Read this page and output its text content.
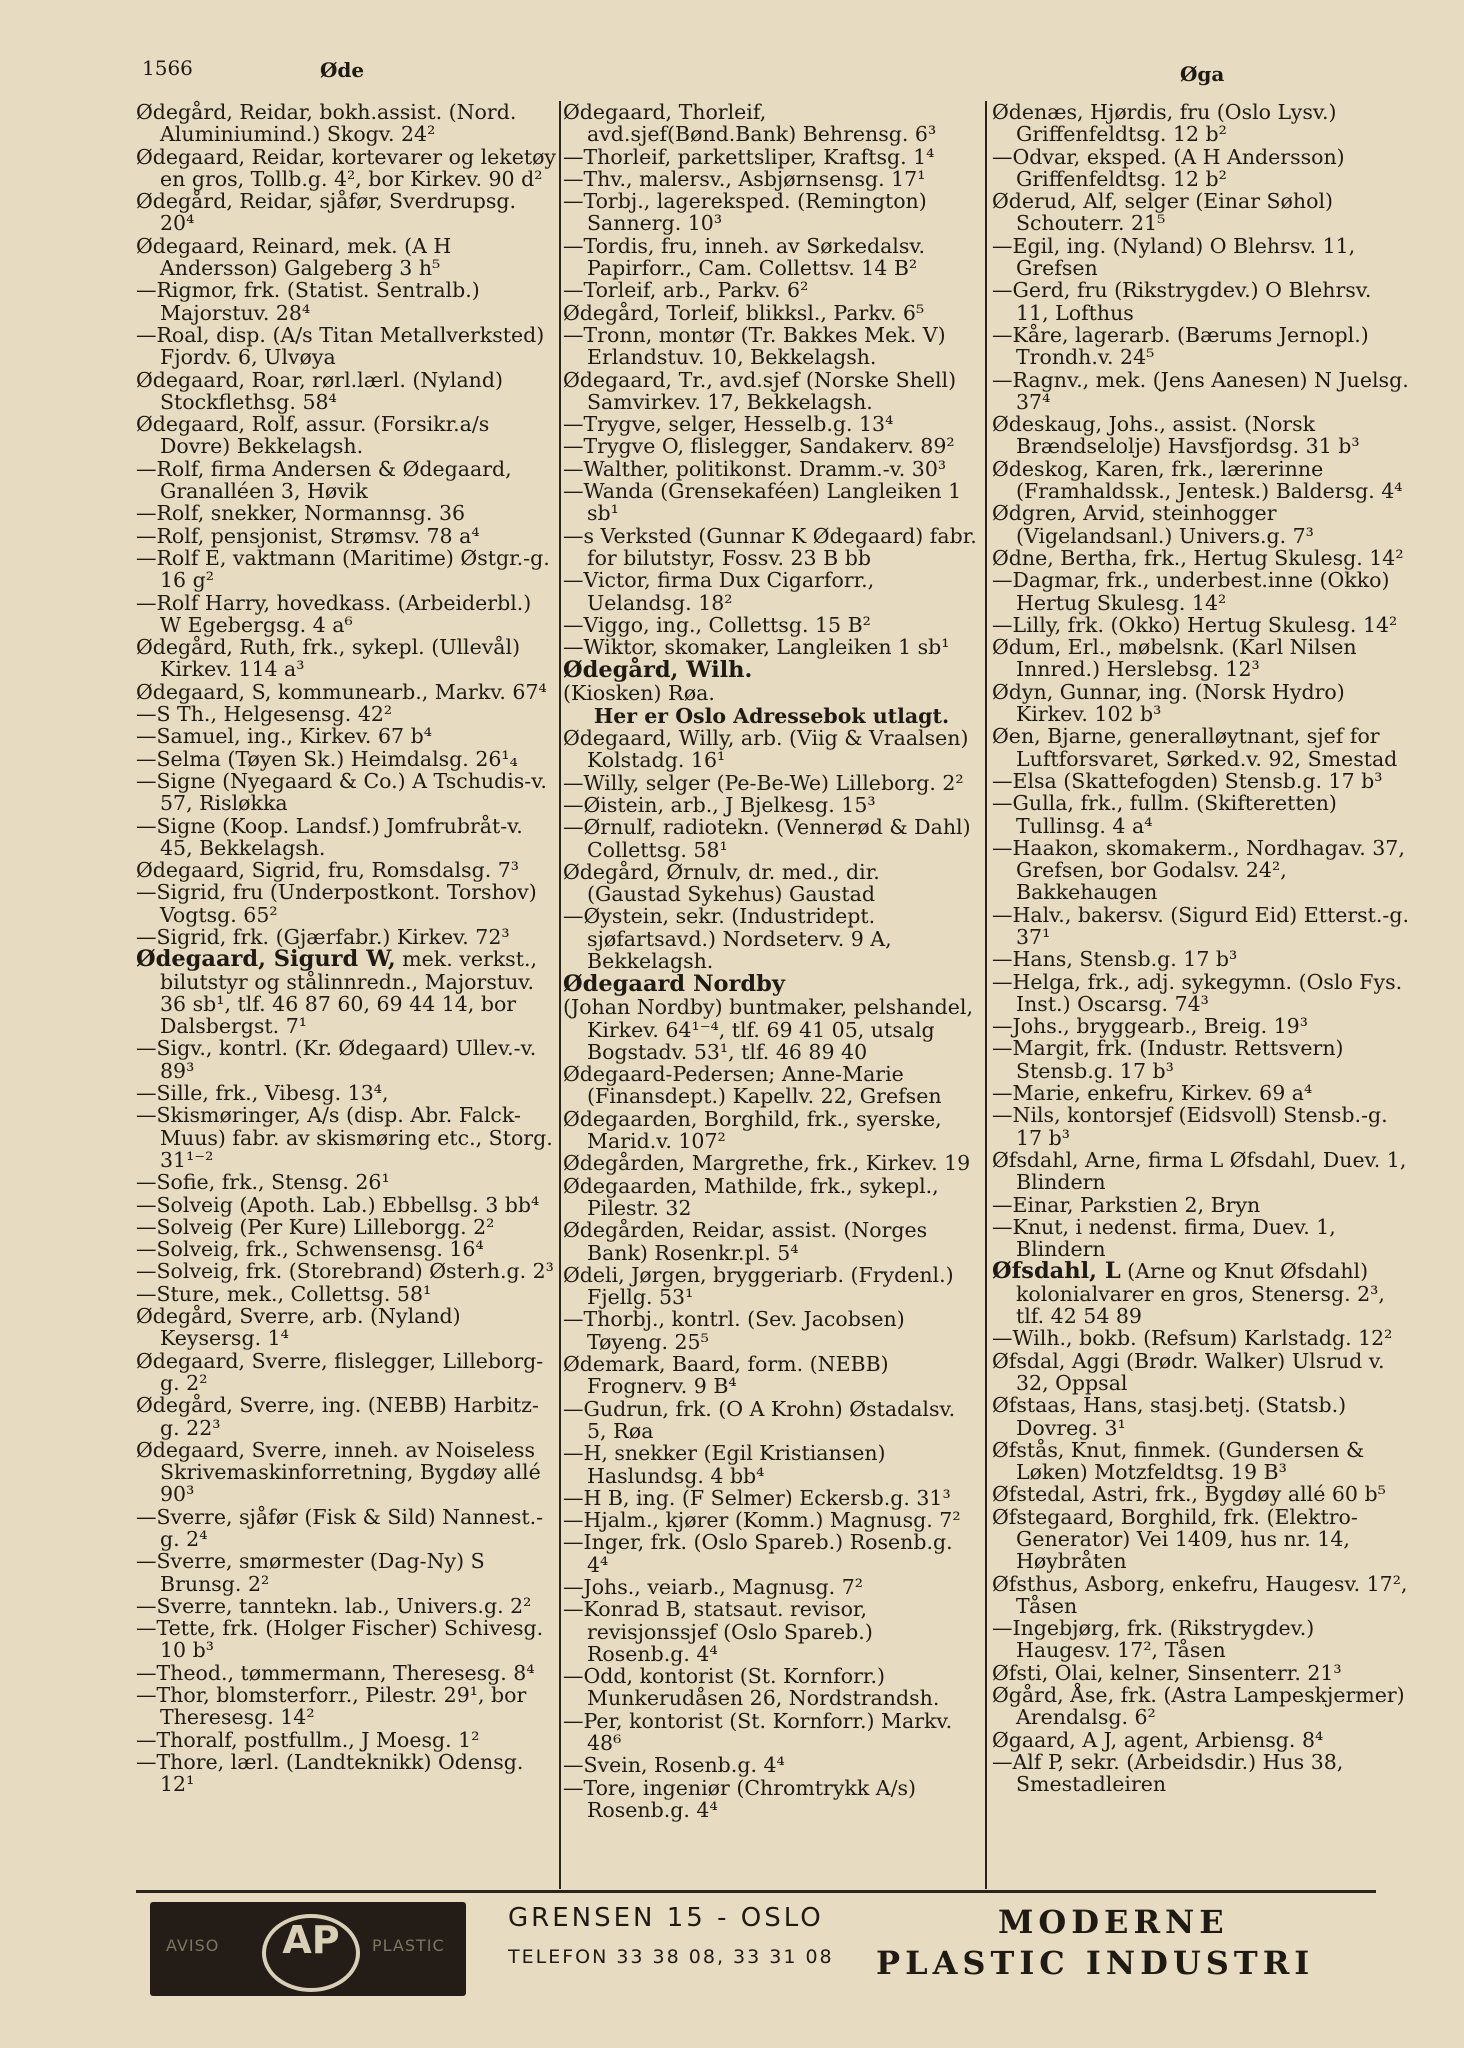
1566	Øde	Øga

Ødegård, Reidar, bokh.assist. (Nord. Aluminiumind.) Skogv. 24²

Ødegaard, Reidar, kortevarer og leketøy en gros, Tollb.g. 4², bor Kirkev. 90 d²

Ødegård, Reidar, sjåfør, Sverdrupsg. 20⁴

Ødegaard, Reinard, mek. (A H Andersson) Galgeberg 3 h⁵

—Rigmor, frk. (Statist. Sentralb.) Majorstuv. 28⁴

—Roal, disp. (A/s Titan Metallverksted) Fjordv. 6, Ulvøya

Ødegaard, Roar, rørl.lærl. (Nyland) Stockflethsg. 58⁴

Ødegaard, Rolf, assur. (Forsikr.a/s Dovre) Bekkelagsh.

—Rolf, firma Andersen & Ødegaard, Granalléen 3, Høvik

—Rolf, snekker, Normannsg. 36

—Rolf, pensjonist, Strømsv. 78 a⁴

—Rolf E, vaktmann (Maritime) Østgr.-g. 16 g²

—Rolf Harry, hovedkass. (Arbeiderbl.) W Egebergsg. 4 a⁶

Ødegård, Ruth, frk., sykepl. (Ullevål) Kirkev. 114 a³

Ødegaard, S, kommunearb., Markv. 67⁴

—S Th., Helgesensg. 42²

—Samuel, ing., Kirkev. 67 b⁴

—Selma (Tøyen Sk.) Heimdalsg. 26¹₄

—Signe (Nyegaard & Co.) A Tschudis-v. 57, Risløkka

—Signe (Koop. Landsf.) Jomfrubråt-v. 45, Bekkelagsh.

Ødegaard, Sigrid, fru, Romsdalsg. 7³

—Sigrid, fru (Underpostkont. Torshov) Vogtsg. 65²

—Sigrid, frk. (Gjærfabr.) Kirkev. 72³

Ødegaard, Sigurd W, mek. verkst., bilutstyr og stålinnredn., Majorstuv. 36 sb¹, tlf. 46 87 60, 69 44 14, bor Dalsbergst. 7¹

—Sigv., kontrl. (Kr. Ødegaard) Ullev.-v. 89³

—Sille, frk., Vibesg. 13⁴,

—Skismøringer, A/s (disp. Abr. Falck-Muus) fabr. av skismøring etc., Storg. 31¹⁻²

—Sofie, frk., Stensg. 26¹

—Solveig (Apoth. Lab.) Ebbellsg. 3 bb⁴

—Solveig (Per Kure) Lilleborgg. 2²

—Solveig, frk., Schwensensg. 16⁴

—Solveig, frk. (Storebrand) Østerh.g. 2³

—Sture, mek., Collettsg. 58¹

Ødegård, Sverre, arb. (Nyland) Keysersg. 1⁴

Ødegaard, Sverre, flislegger, Lilleborg-g. 2²

Ødegård, Sverre, ing. (NEBB) Harbitz-g. 22³

Ødegaard, Sverre, inneh. av Noiseless Skrivemaskinforretning, Bygdøy allé 90³

—Sverre, sjåfør (Fisk & Sild) Nannest.-g. 2⁴

—Sverre, smørmester (Dag-Ny) S Brunsg. 2²

—Sverre, tanntekn. lab., Univers.g. 2²

—Tette, frk. (Holger Fischer) Schivesg. 10 b³

—Theod., tømmermann, Theresesg. 8⁴

—Thor, blomsterforr., Pilestr. 29¹, bor Theresesg. 14²

—Thoralf, postfullm., J Moesg. 1²

—Thore, lærl. (Landteknikk) Odensg. 12¹

Ødegaard, Thorleif, avd.sjef(Bønd.Bank) Behrensg. 6³

—Thorleif, parkettsliper, Kraftsg. 1⁴

—Thv., malersv., Asbjørnsensg. 17¹

—Torbj., lagereksped. (Remington) Sannerg. 10³

—Tordis, fru, inneh. av Sørkedalsv. Papirforr., Cam. Collettsv. 14 B²

—Torleif, arb., Parkv. 6²

Ødegård, Torleif, blikksl., Parkv. 6⁵

—Tronn, montør (Tr. Bakkes Mek. V) Erlandstuv. 10, Bekkelagsh.

Ødegaard, Tr., avd.sjef (Norske Shell) Samvirkev. 17, Bekkelagsh.

—Trygve, selger, Hesselb.g. 13⁴

—Trygve O, flislegger, Sandakerv. 89²

—Walther, politikonst. Dramm.-v. 30³

—Wanda (Grensekaféen) Langleiken 1 sb¹

—s Verksted (Gunnar K Ødegaard) fabr. for bilutstyr, Fossv. 23 B bb

—Victor, firma Dux Cigarforr., Uelandsg. 18²

—Viggo, ing., Collettsg. 15 B²

—Wiktor, skomaker, Langleiken 1 sb¹

Ødegård, Wilh.

(Kiosken) Røa.

Her er Oslo Adressebok utlagt.

Ødegaard, Willy, arb. (Viig & Vraalsen) Kolstadg. 16¹

—Willy, selger (Pe-Be-We) Lilleborg. 2²

—Øistein, arb., J Bjelkesg. 15³

—Ørnulf, radiotekn. (Vennerød & Dahl) Collettsg. 58¹

Ødegård, Ørnulv, dr. med., dir. (Gaustad Sykehus) Gaustad

—Øystein, sekr. (Industridept. sjøfartsavd.) Nordseterv. 9 A, Bekkelagsh.

Ødegaard Nordby

(Johan Nordby) buntmaker, pelshandel, Kirkev. 64¹⁻⁴, tlf. 69 41 05, utsalg Bogstadv. 53¹, tlf. 46 89 40

Ødegaard-Pedersen; Anne-Marie (Finansdept.) Kapellv. 22, Grefsen

Ødegaarden, Borghild, frk., syerske, Marid.v. 107²

Ødegården, Margrethe, frk., Kirkev. 19

Ødegaarden, Mathilde, frk., sykepl., Pilestr. 32

Ødegården, Reidar, assist. (Norges Bank) Rosenkr.pl. 5⁴

Ødeli, Jørgen, bryggeriarb. (Frydenl.) Fjellg. 53¹

—Thorbj., kontrl. (Sev. Jacobsen) Tøyeng. 25⁵

Ødemark, Baard, form. (NEBB) Frognerv. 9 B⁴

—Gudrun, frk. (O A Krohn) Østadalsv. 5, Røa

—H, snekker (Egil Kristiansen) Haslundsg. 4 bb⁴

—H B, ing. (F Selmer) Eckersb.g. 31³

—Hjalm., kjører (Komm.) Magnusg. 7²

—Inger, frk. (Oslo Spareb.) Rosenb.g. 4⁴

—Johs., veiarb., Magnusg. 7²

—Konrad B, statsaut. revisor, revisjonssjef (Oslo Spareb.) Rosenb.g. 4⁴

—Odd, kontorist (St. Kornforr.) Munkerudåsen 26, Nordstrandsh.

—Per, kontorist (St. Kornforr.) Markv. 48⁶

—Svein, Rosenb.g. 4⁴

—Tore, ingeniør (Chromtrykk A/s) Rosenb.g. 4⁴

Ødenæs, Hjørdis, fru (Oslo Lysv.) Griffenfeldtsg. 12 b²

—Odvar, eksped. (A H Andersson) Griffenfeldtsg. 12 b²

Øderud, Alf, selger (Einar Søhol) Schouterr. 21⁵

—Egil, ing. (Nyland) O Blehrsv. 11, Grefsen

—Gerd, fru (Rikstrygdev.) O Blehrsv. 11, Lofthus

—Kåre, lagerarb. (Bærums Jernopl.) Trondh.v. 24⁵

—Ragnv., mek. (Jens Aanesen) N Juelsg. 37⁴

Ødeskaug, Johs., assist. (Norsk Brændselolje) Havsfjordsg. 31 b³

Ødeskog, Karen, frk., lærerinne (Framhaldssk., Jentesk.) Baldersg. 4⁴

Ødgren, Arvid, steinhogger (Vigelandsanl.) Univers.g. 7³

Ødne, Bertha, frk., Hertug Skulesg. 14²

—Dagmar, frk., underbest.inne (Okko) Hertug Skulesg. 14²

—Lilly, frk. (Okko) Hertug Skulesg. 14²

Ødum, Erl., møbelsnk. (Karl Nilsen Innred.) Herslebsg. 12³

Ødyn, Gunnar, ing. (Norsk Hydro) Kirkev. 102 b³

Øen, Bjarne, generalløytnant, sjef for Luftforsvaret, Sørked.v. 92, Smestad

—Elsa (Skattefogden) Stensb.g. 17 b³

—Gulla, frk., fullm. (Skifteretten) Tullinsg. 4 a⁴

—Haakon, skomakerm., Nordhagav. 37, Grefsen, bor Godalsv. 24², Bakkehaugen

—Halv., bakersv. (Sigurd Eid) Etterst.-g. 37¹

—Hans, Stensb.g. 17 b³

—Helga, frk., adj. sykegymn. (Oslo Fys. Inst.) Oscarsg. 74³

—Johs., bryggearb., Breig. 19³

—Margit, frk. (Industr. Rettsvern) Stensb.g. 17 b³

—Marie, enkefru, Kirkev. 69 a⁴

—Nils, kontorsjef (Eidsvoll) Stensb.-g. 17 b³

Øfsdahl, Arne, firma L Øfsdahl, Duev. 1, Blindern

—Einar, Parkstien 2, Bryn

—Knut, i nedenst. firma, Duev. 1, Blindern

Øfsdahl, L (Arne og Knut Øfsdahl) kolonialvarer en gros, Stenersg. 2³, tlf. 42 54 89

—Wilh., bokb. (Refsum) Karlstadg. 12²

Øfsdal, Aggi (Brødr. Walker) Ulsrud v. 32, Oppsal

Øfstaas, Hans, stasj.betj. (Statsb.) Dovreg. 3¹

Øfstås, Knut, finmek. (Gundersen & Løken) Motzfeldtsg. 19 B³

Øfstedal, Astri, frk., Bygdøy allé 60 b⁵

Øfstegaard, Borghild, frk. (Elektro-Generator) Vei 1409, hus nr. 14, Høybråten

Øfsthus, Asborg, enkefru, Haugesv. 17², Tåsen

—Ingebjørg, frk. (Rikstrygdev.) Haugesv. 17², Tåsen

Øfsti, Olai, kelner, Sinsenterr. 21³

Øgård, Åse, frk. (Astra Lampeskjermer) Arendalsg. 6²

Øgaard, A J, agent, Arbiensg. 8⁴

—Alf P, sekr. (Arbeidsdir.) Hus 38, Smestadleiren

AVISO	AP	PLASTIC
GRENSEN 15 - OSLO
TELEFON 33 38 08, 33 31 08
MODERNE
PLASTIC INDUSTRI
